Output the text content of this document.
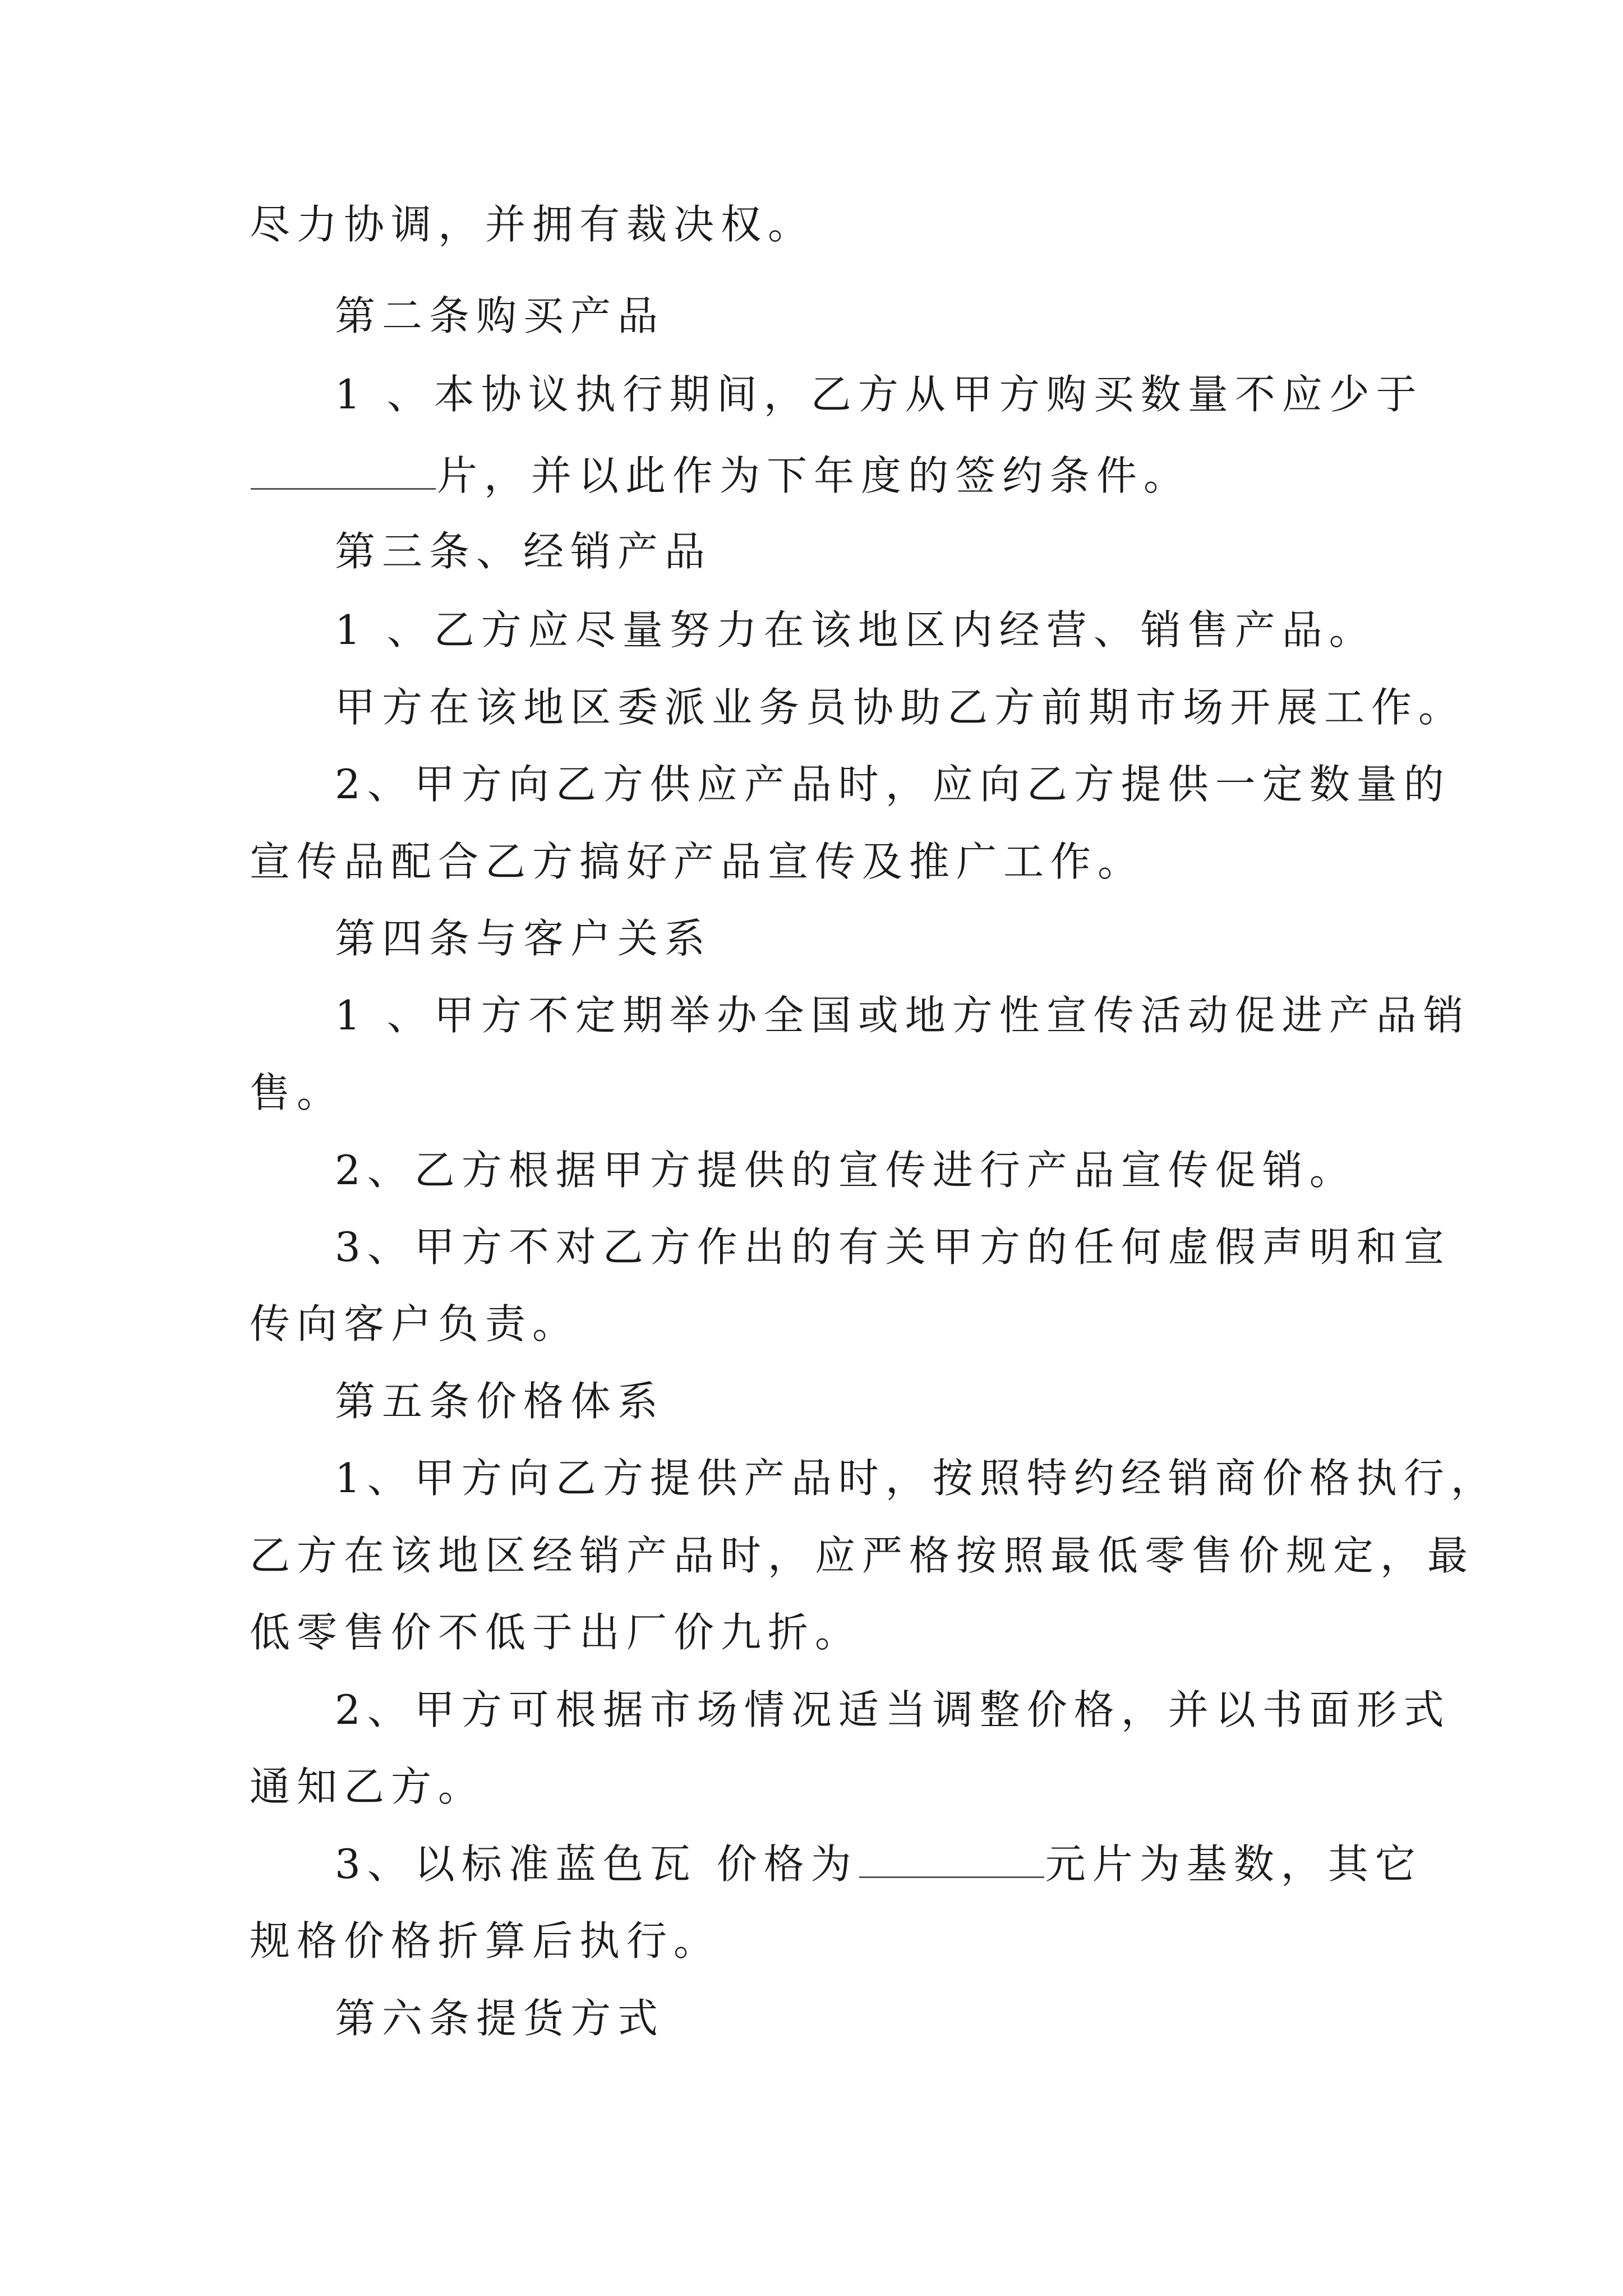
尽力协调，并拥有裁决权。
第二条购买产品
1 、本协议执行期间，乙方从甲方购买数量不应少于
片，并以此作为下年度的签约条件。
第三条、经销产品
1 、乙方应尽量努力在该地区内经营、销售产品。
甲方在该地区委派业务员协助乙方前期市场开展工作。
2、甲方向乙方供应产品时，应向乙方提供一定数量的
宣传品配合乙方搞好产品宣传及推广工作。
第四条与客户关系
1 、甲方不定期举办全国或地方性宣传活动促进产品销
售。
2、乙方根据甲方提供的宣传进行产品宣传促销。
3、甲方不对乙方作出的有关甲方的任何虚假声明和宣
传向客户负责。
第五条价格体系
1、甲方向乙方提供产品时，按照特约经销商价格执行，
乙方在该地区经销产品时，应严格按照最低零售价规定，最
低零售价不低于出厂价九折。
2、甲方可根据市场情况适当调整价格，并以书面形式
通知乙方。
3、以标准蓝色瓦 价格为	元片为基数，其它
规格价格折算后执行。
第六条提货方式
